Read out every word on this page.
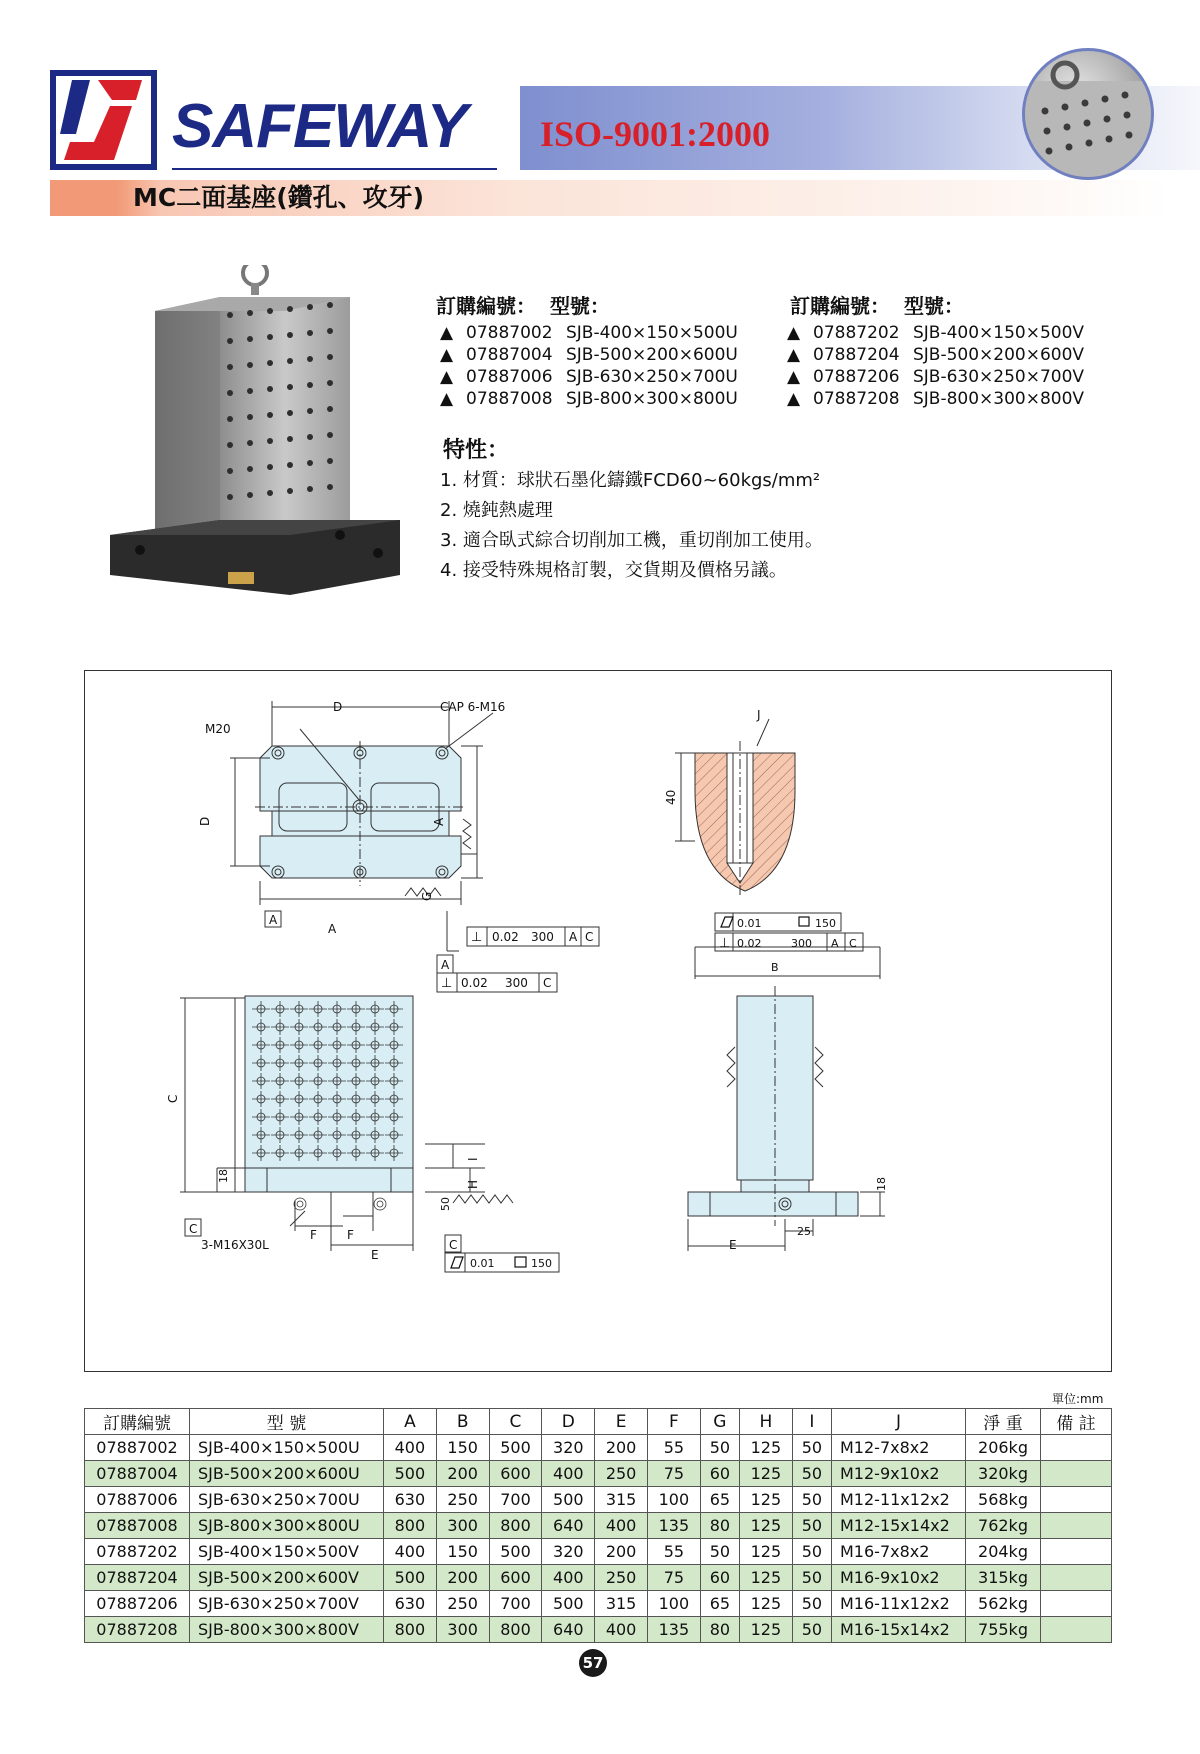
SAFEWAY ISO-9001:2000
MC二面基座(鑽孔、攻牙)
訂購編號： 型號：	訂購編號： 型號：
▲ 07887002 SJB-400×150×500U
▲ 07887004 SJB-500×200×600U
▲ 07887006 SJB-630×250×700U
▲ 07887008 SJB-800×300×800U
▲ 07887202 SJB-400×150×500V
▲ 07887204 SJB-500×200×600V
▲ 07887206 SJB-630×250×700V
▲ 07887208 SJB-800×300×800V
特性：
1. 材質：球狀石墨化鑄鐵FCD60~60kgs/mm²
2. 燒鈍熱處理
3. 適合臥式綜合切削加工機，重切削加工使用。
4. 接受特殊規格訂製，交貨期及價格另議。
M20
D	CAP 6-M16
D	A
G
A
A
J
40
⊥ 0.02 300 A C
A
⊥ 0.02 300 C
0.01	150
⊥ 0.02	300 A C
B
C
I
H
18
50
C
3-M16X30L
F	F
E
C
0.01	150
18
25
E
單位:mm
訂購編號	型 號	A	B	C	D	E	F	G	H	I	J	淨 重	備 註
07887002	SJB-400×150×500U	400	150	500	320	200	55	50	125	50	M12-7x8x2	206kg	
07887004	SJB-500×200×600U	500	200	600	400	250	75	60	125	50	M12-9x10x2	320kg	
07887006	SJB-630×250×700U	630	250	700	500	315	100	65	125	50	M12-11x12x2	568kg	
07887008	SJB-800×300×800U	800	300	800	640	400	135	80	125	50	M12-15x14x2	762kg	
07887202	SJB-400×150×500V	400	150	500	320	200	55	50	125	50	M16-7x8x2	204kg	
07887204	SJB-500×200×600V	500	200	600	400	250	75	60	125	50	M16-9x10x2	315kg	
07887206	SJB-630×250×700V	630	250	700	500	315	100	65	125	50	M16-11x12x2	562kg	
07887208	SJB-800×300×800V	800	300	800	640	400	135	80	125	50	M16-15x14x2	755kg	
57
